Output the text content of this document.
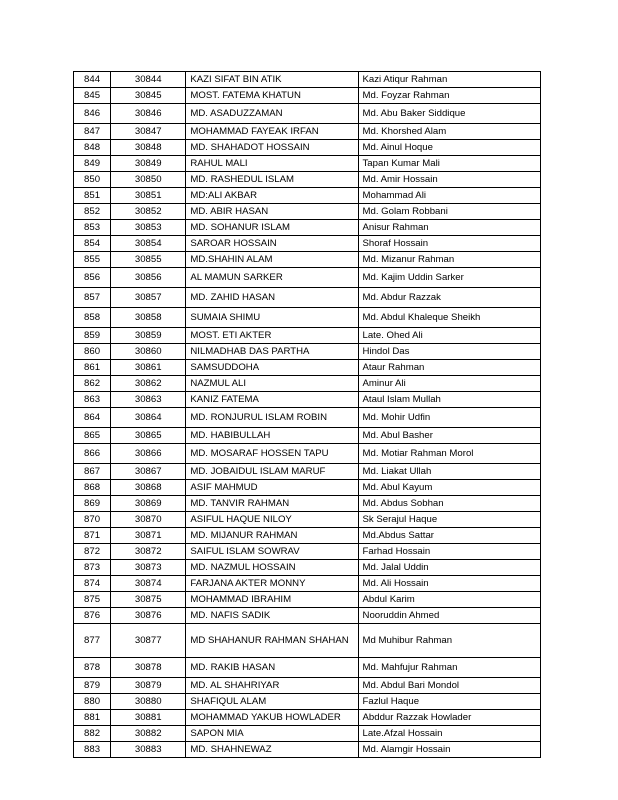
844	30844	KAZI SIFAT BIN ATIK	Kazi Atiqur Rahman
845	30845	MOST. FATEMA KHATUN	Md. Foyzar Rahman
846	30846	MD. ASADUZZAMAN	Md. Abu Baker Siddique
847	30847	MOHAMMAD FAYEAK IRFAN	Md. Khorshed Alam
848	30848	MD. SHAHADOT HOSSAIN	Md. Ainul Hoque
849	30849	RAHUL MALI	Tapan Kumar Mali
850	30850	MD. RASHEDUL ISLAM	Md. Amir Hossain
851	30851	MD:ALI AKBAR	Mohammad Ali
852	30852	MD. ABIR HASAN	Md. Golam Robbani
853	30853	MD. SOHANUR ISLAM	Anisur Rahman
854	30854	SAROAR HOSSAIN	Shoraf Hossain
855	30855	MD.SHAHIN ALAM	Md. Mizanur Rahman
856	30856	AL MAMUN SARKER	Md. Kajim Uddin Sarker
857	30857	MD. ZAHID HASAN	Md. Abdur Razzak
858	30858	SUMAIA SHIMU	Md. Abdul Khaleque Sheikh
859	30859	MOST. ETI AKTER	Late. Ohed Ali
860	30860	NILMADHAB DAS PARTHA	Hindol Das
861	30861	SAMSUDDOHA	Ataur Rahman
862	30862	NAZMUL ALI	Aminur Ali
863	30863	KANIZ FATEMA	Ataul Islam Mullah
864	30864	MD. RONJURUL ISLAM ROBIN	Md. Mohir Udfin
865	30865	MD. HABIBULLAH	Md. Abul Basher
866	30866	MD. MOSARAF HOSSEN TAPU	Md. Motiar Rahman Morol
867	30867	MD. JOBAIDUL ISLAM MARUF	Md. Liakat Ullah
868	30868	ASIF MAHMUD	Md. Abul Kayum
869	30869	MD. TANVIR RAHMAN	Md. Abdus Sobhan
870	30870	ASIFUL HAQUE NILOY	Sk Serajul Haque
871	30871	MD. MIJANUR RAHMAN	Md.Abdus Sattar
872	30872	SAIFUL ISLAM SOWRAV	Farhad Hossain
873	30873	MD. NAZMUL HOSSAIN	Md. Jalal Uddin
874	30874	FARJANA AKTER MONNY	Md. Ali Hossain
875	30875	MOHAMMAD IBRAHIM	Abdul Karim
876	30876	MD. NAFIS SADIK	Nooruddin Ahmed
877	30877	MD SHAHANUR RAHMAN SHAHAN	Md Muhibur Rahman
878	30878	MD. RAKIB HASAN	Md. Mahfujur Rahman
879	30879	MD. AL SHAHRIYAR	Md. Abdul Bari Mondol
880	30880	SHAFIQUL ALAM	Fazlul Haque
881	30881	MOHAMMAD YAKUB HOWLADER	Abddur Razzak Howlader
882	30882	SAPON MIA	Late.Afzal Hossain
883	30883	MD. SHAHNEWAZ	Md. Alamgir Hossain
